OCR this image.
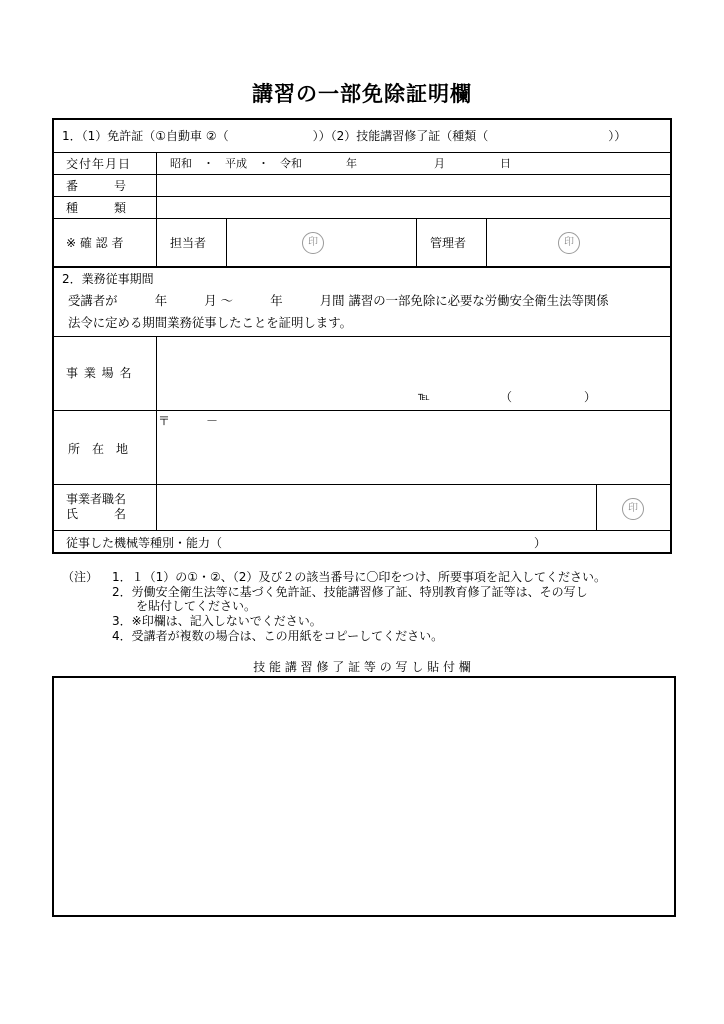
講習の一部免除証明欄
1．（1）免許証（①自動車 ②（　　　　　　　））（2）技能講習修了証（種類（　　　　　　　　　　））
交付年月日	昭和　・　平成　・　令和　　　　年　　　　　　　月　　　　　日
番　　　号
種　　　類
※ 確 認 者	担当者	印	管理者	印
2．業務従事期間
受講者が　　　年　　　月 ～　　　年　　　月間 講習の一部免除に必要な労働安全衛生法等関係
法令に定める期間業務従事したことを証明します。
事 業 場 名
℡	（　　　　　　）
〒　　　－
所　在　地
事業者職名
氏　　　名	印
従事した機械等種別・能力（　　　　　　　　　　　　　　　　　　　　　　　　　　）
（注） 1．１（1）の①・②、（2）及び２の該当番号に〇印をつけ、所要事項を記入してください。
2．労働安全衛生法等に基づく免許証、技能講習修了証、特別教育修了証等は、その写し
　　を貼付してください。
3．※印欄は、記入しないでください。
4．受講者が複数の場合は、この用紙をコピーしてください。
技 能 講 習 修 了 証 等 の 写 し 貼 付 欄
